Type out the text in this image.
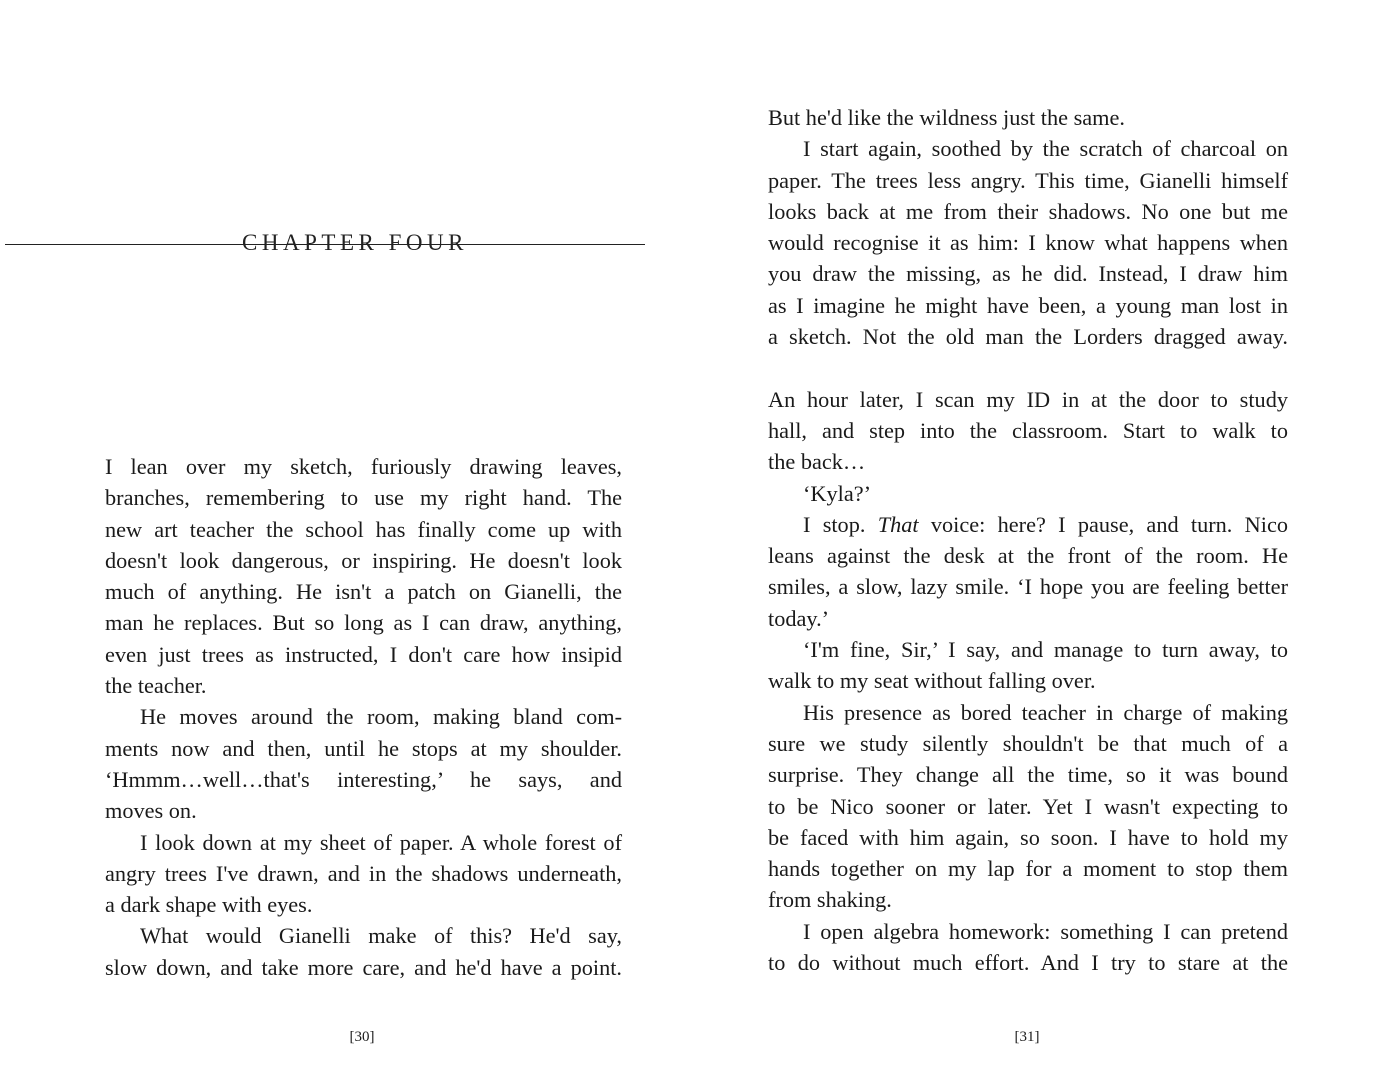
CHAPTER FOUR
I lean over my sketch, furiously drawing leaves,
branches, remembering to use my right hand. The
new art teacher the school has finally come up with
doesn't look dangerous, or inspiring. He doesn't look
much of anything. He isn't a patch on Gianelli, the
man he replaces. But so long as I can draw, anything,
even just trees as instructed, I don't care how insipid
the teacher.
He moves around the room, making bland com-
ments now and then, until he stops at my shoulder.
‘Hmmm…well…that's interesting,’ he says, and
moves on.
I look down at my sheet of paper. A whole forest of
angry trees I've drawn, and in the shadows underneath,
a dark shape with eyes.
What would Gianelli make of this? He'd say,
slow down, and take more care, and he'd have a point.
[30]
But he'd like the wildness just the same.
I start again, soothed by the scratch of charcoal on
paper. The trees less angry. This time, Gianelli himself
looks back at me from their shadows. No one but me
would recognise it as him: I know what happens when
you draw the missing, as he did. Instead, I draw him
as I imagine he might have been, a young man lost in
a sketch. Not the old man the Lorders dragged away.
An hour later, I scan my ID in at the door to study
hall, and step into the classroom. Start to walk to
the back…
‘Kyla?’
I stop. That voice: here? I pause, and turn. Nico
leans against the desk at the front of the room. He
smiles, a slow, lazy smile. ‘I hope you are feeling better
today.’
‘I'm fine, Sir,’ I say, and manage to turn away, to
walk to my seat without falling over.
His presence as bored teacher in charge of making
sure we study silently shouldn't be that much of a
surprise. They change all the time, so it was bound
to be Nico sooner or later. Yet I wasn't expecting to
be faced with him again, so soon. I have to hold my
hands together on my lap for a moment to stop them
from shaking.
I open algebra homework: something I can pretend
to do without much effort. And I try to stare at the
[31]
